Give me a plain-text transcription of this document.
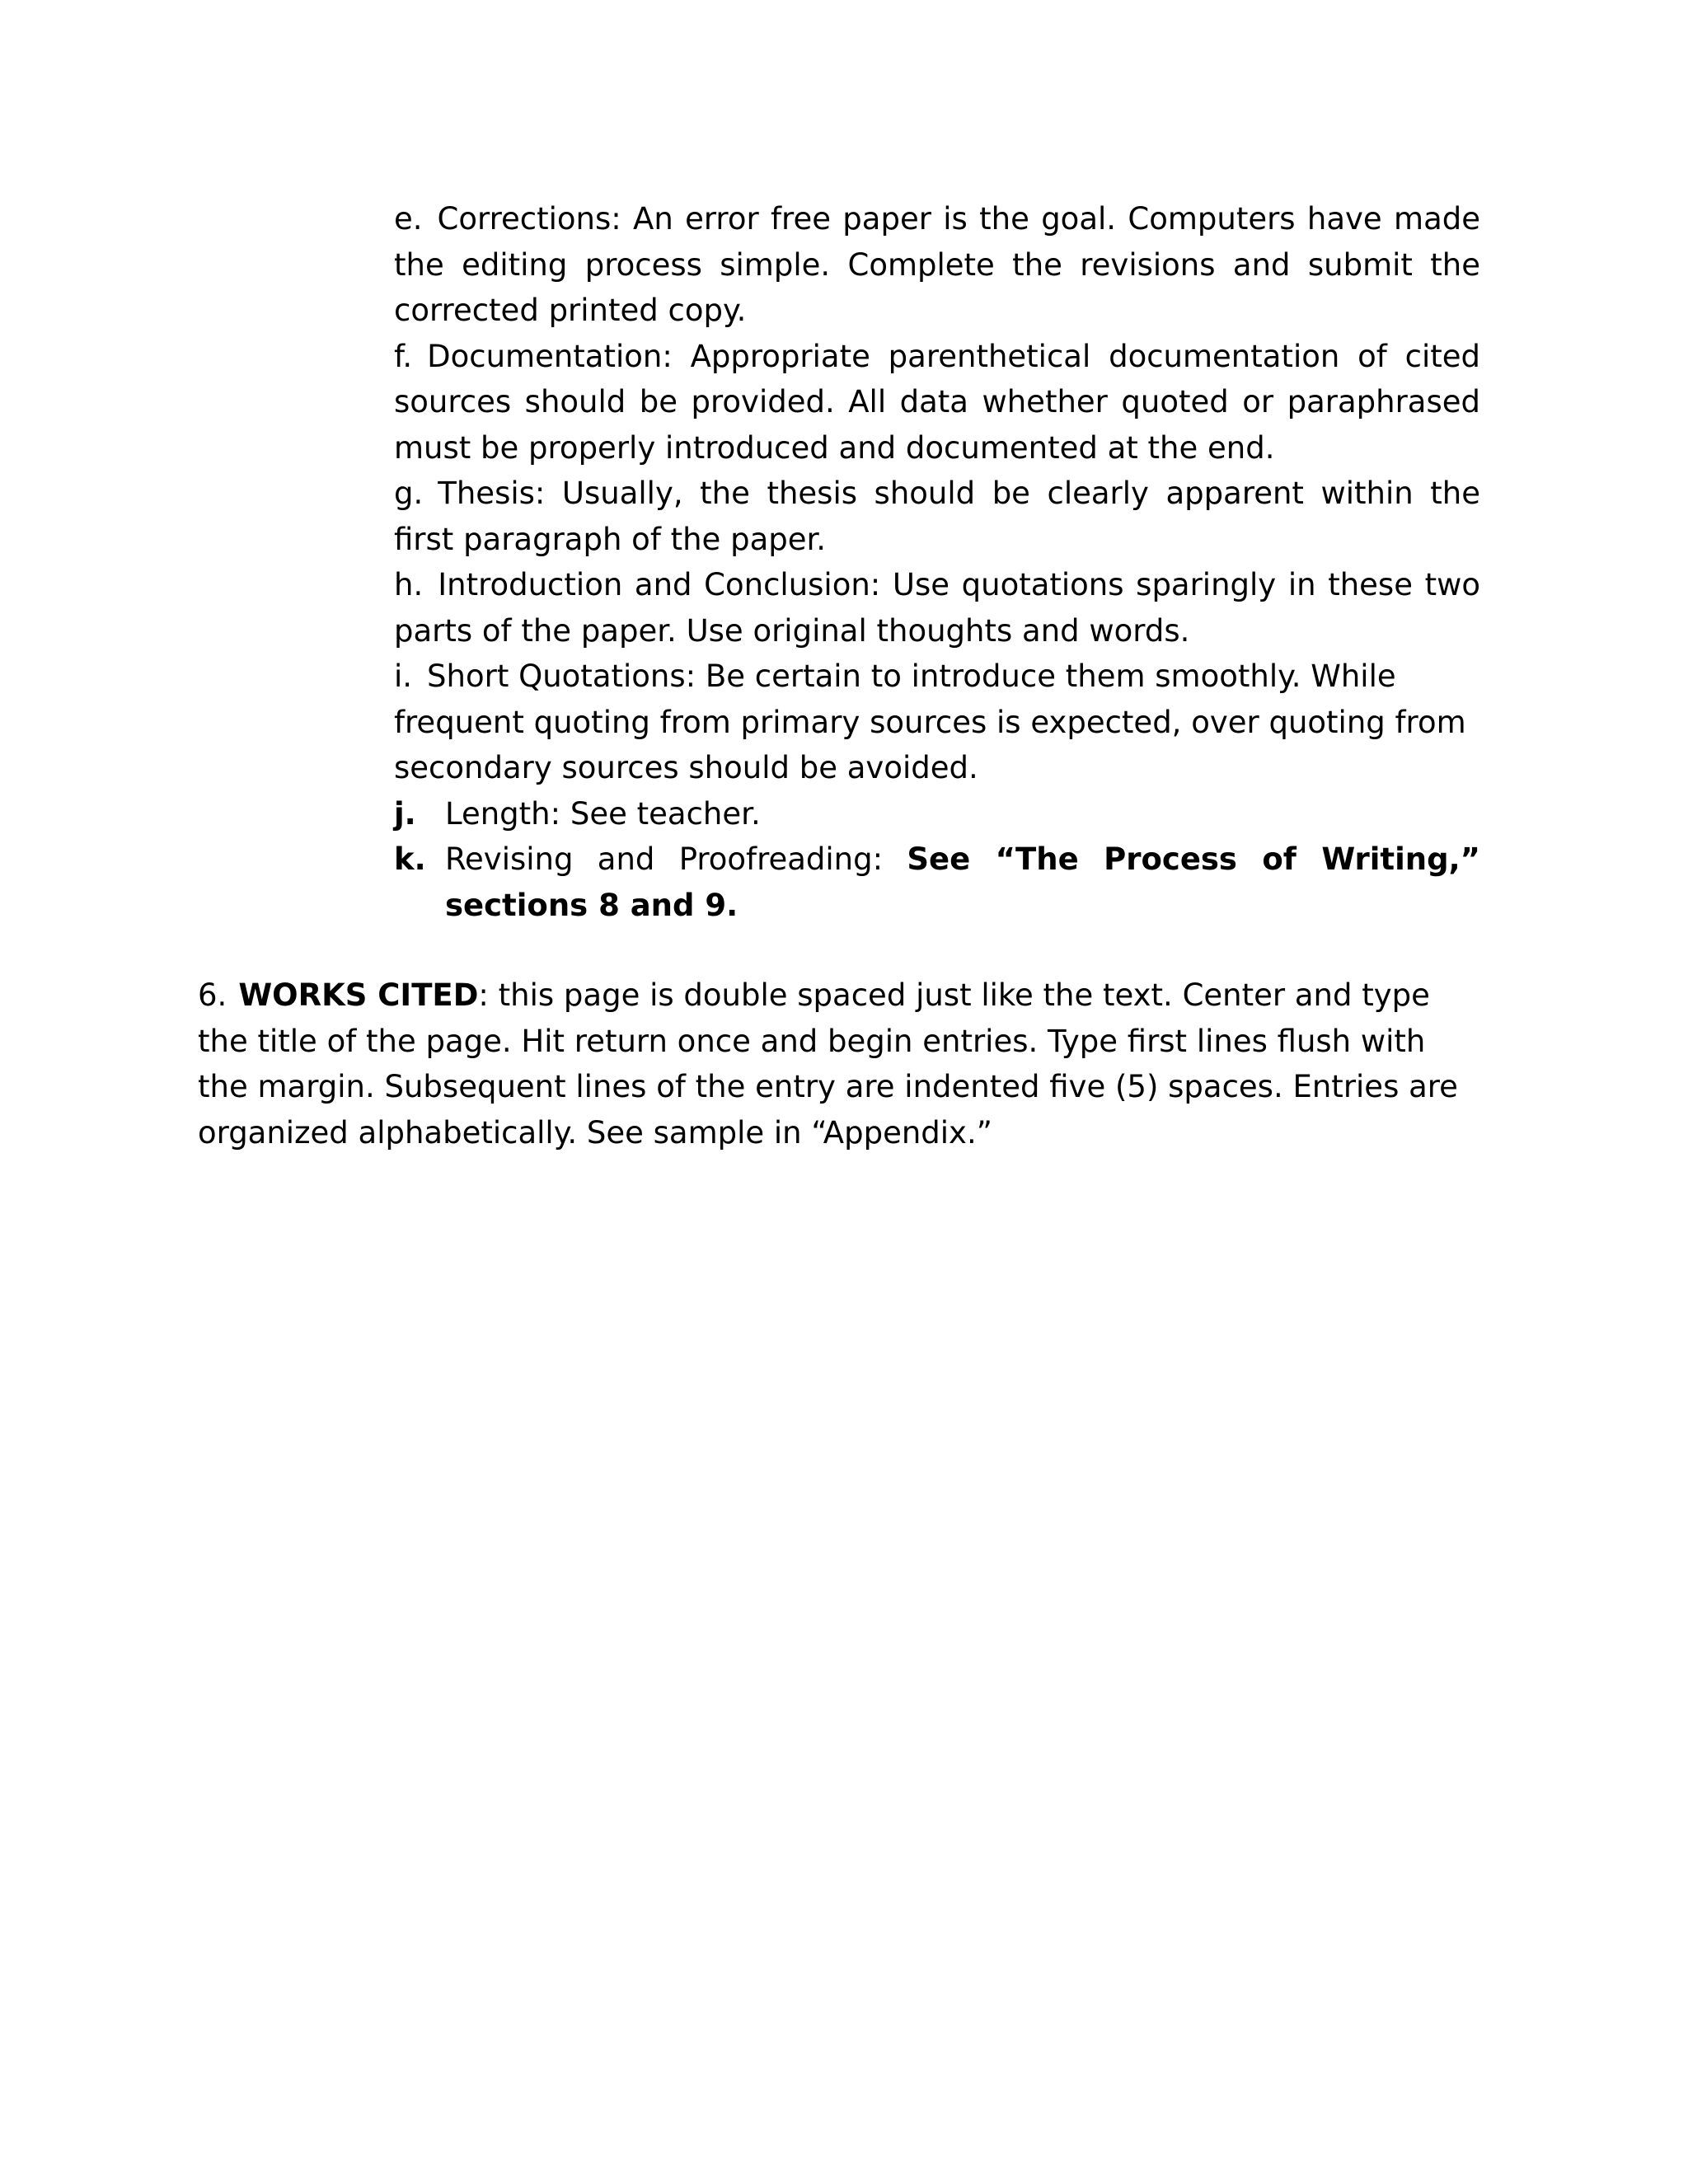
e. Corrections: An error free paper is the goal. Computers have made the editing process simple. Complete the revisions and submit the corrected printed copy.

f. Documentation: Appropriate parenthetical documentation of cited sources should be provided. All data whether quoted or paraphrased must be properly introduced and documented at the end.

g. Thesis: Usually, the thesis should be clearly apparent within the first paragraph of the paper.

h. Introduction and Conclusion: Use quotations sparingly in these two parts of the paper. Use original thoughts and words.

i. Short Quotations: Be certain to introduce them smoothly. While frequent quoting from primary sources is expected, over quoting from secondary sources should be avoided.

j. Length: See teacher.

k. Revising and Proofreading: See “The Process of Writing,” sections 8 and 9.

6. WORKS CITED: this page is double spaced just like the text. Center and type the title of the page. Hit return once and begin entries. Type first lines flush with the margin. Subsequent lines of the entry are indented five (5) spaces. Entries are organized alphabetically. See sample in “Appendix.”
